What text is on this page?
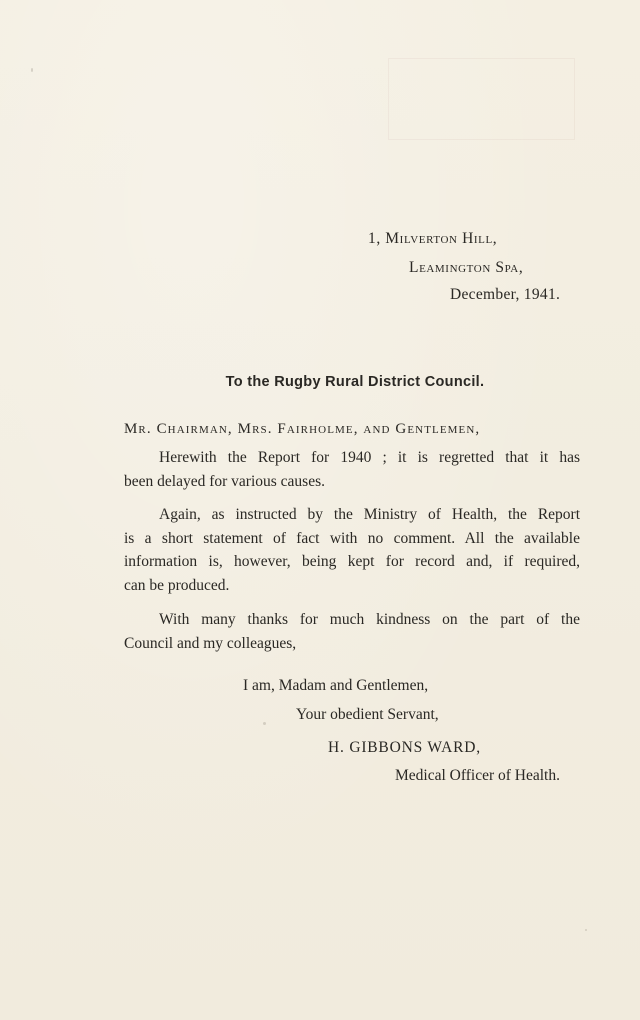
1, Milverton Hill,
Leamington Spa,
December, 1941.
To the Rugby Rural District Council.
Mr. Chairman, Mrs. Fairholme, and Gentlemen,
Herewith the Report for 1940 ; it is regretted that it has
been delayed for various causes.
Again, as instructed by the Ministry of Health, the Report
is a short statement of fact with no comment. All the available
information is, however, being kept for record and, if required,
can be produced.
With many thanks for much kindness on the part of the
Council and my colleagues,
I am, Madam and Gentlemen,
Your obedient Servant,
H. GIBBONS WARD,
Medical Officer of Health.
